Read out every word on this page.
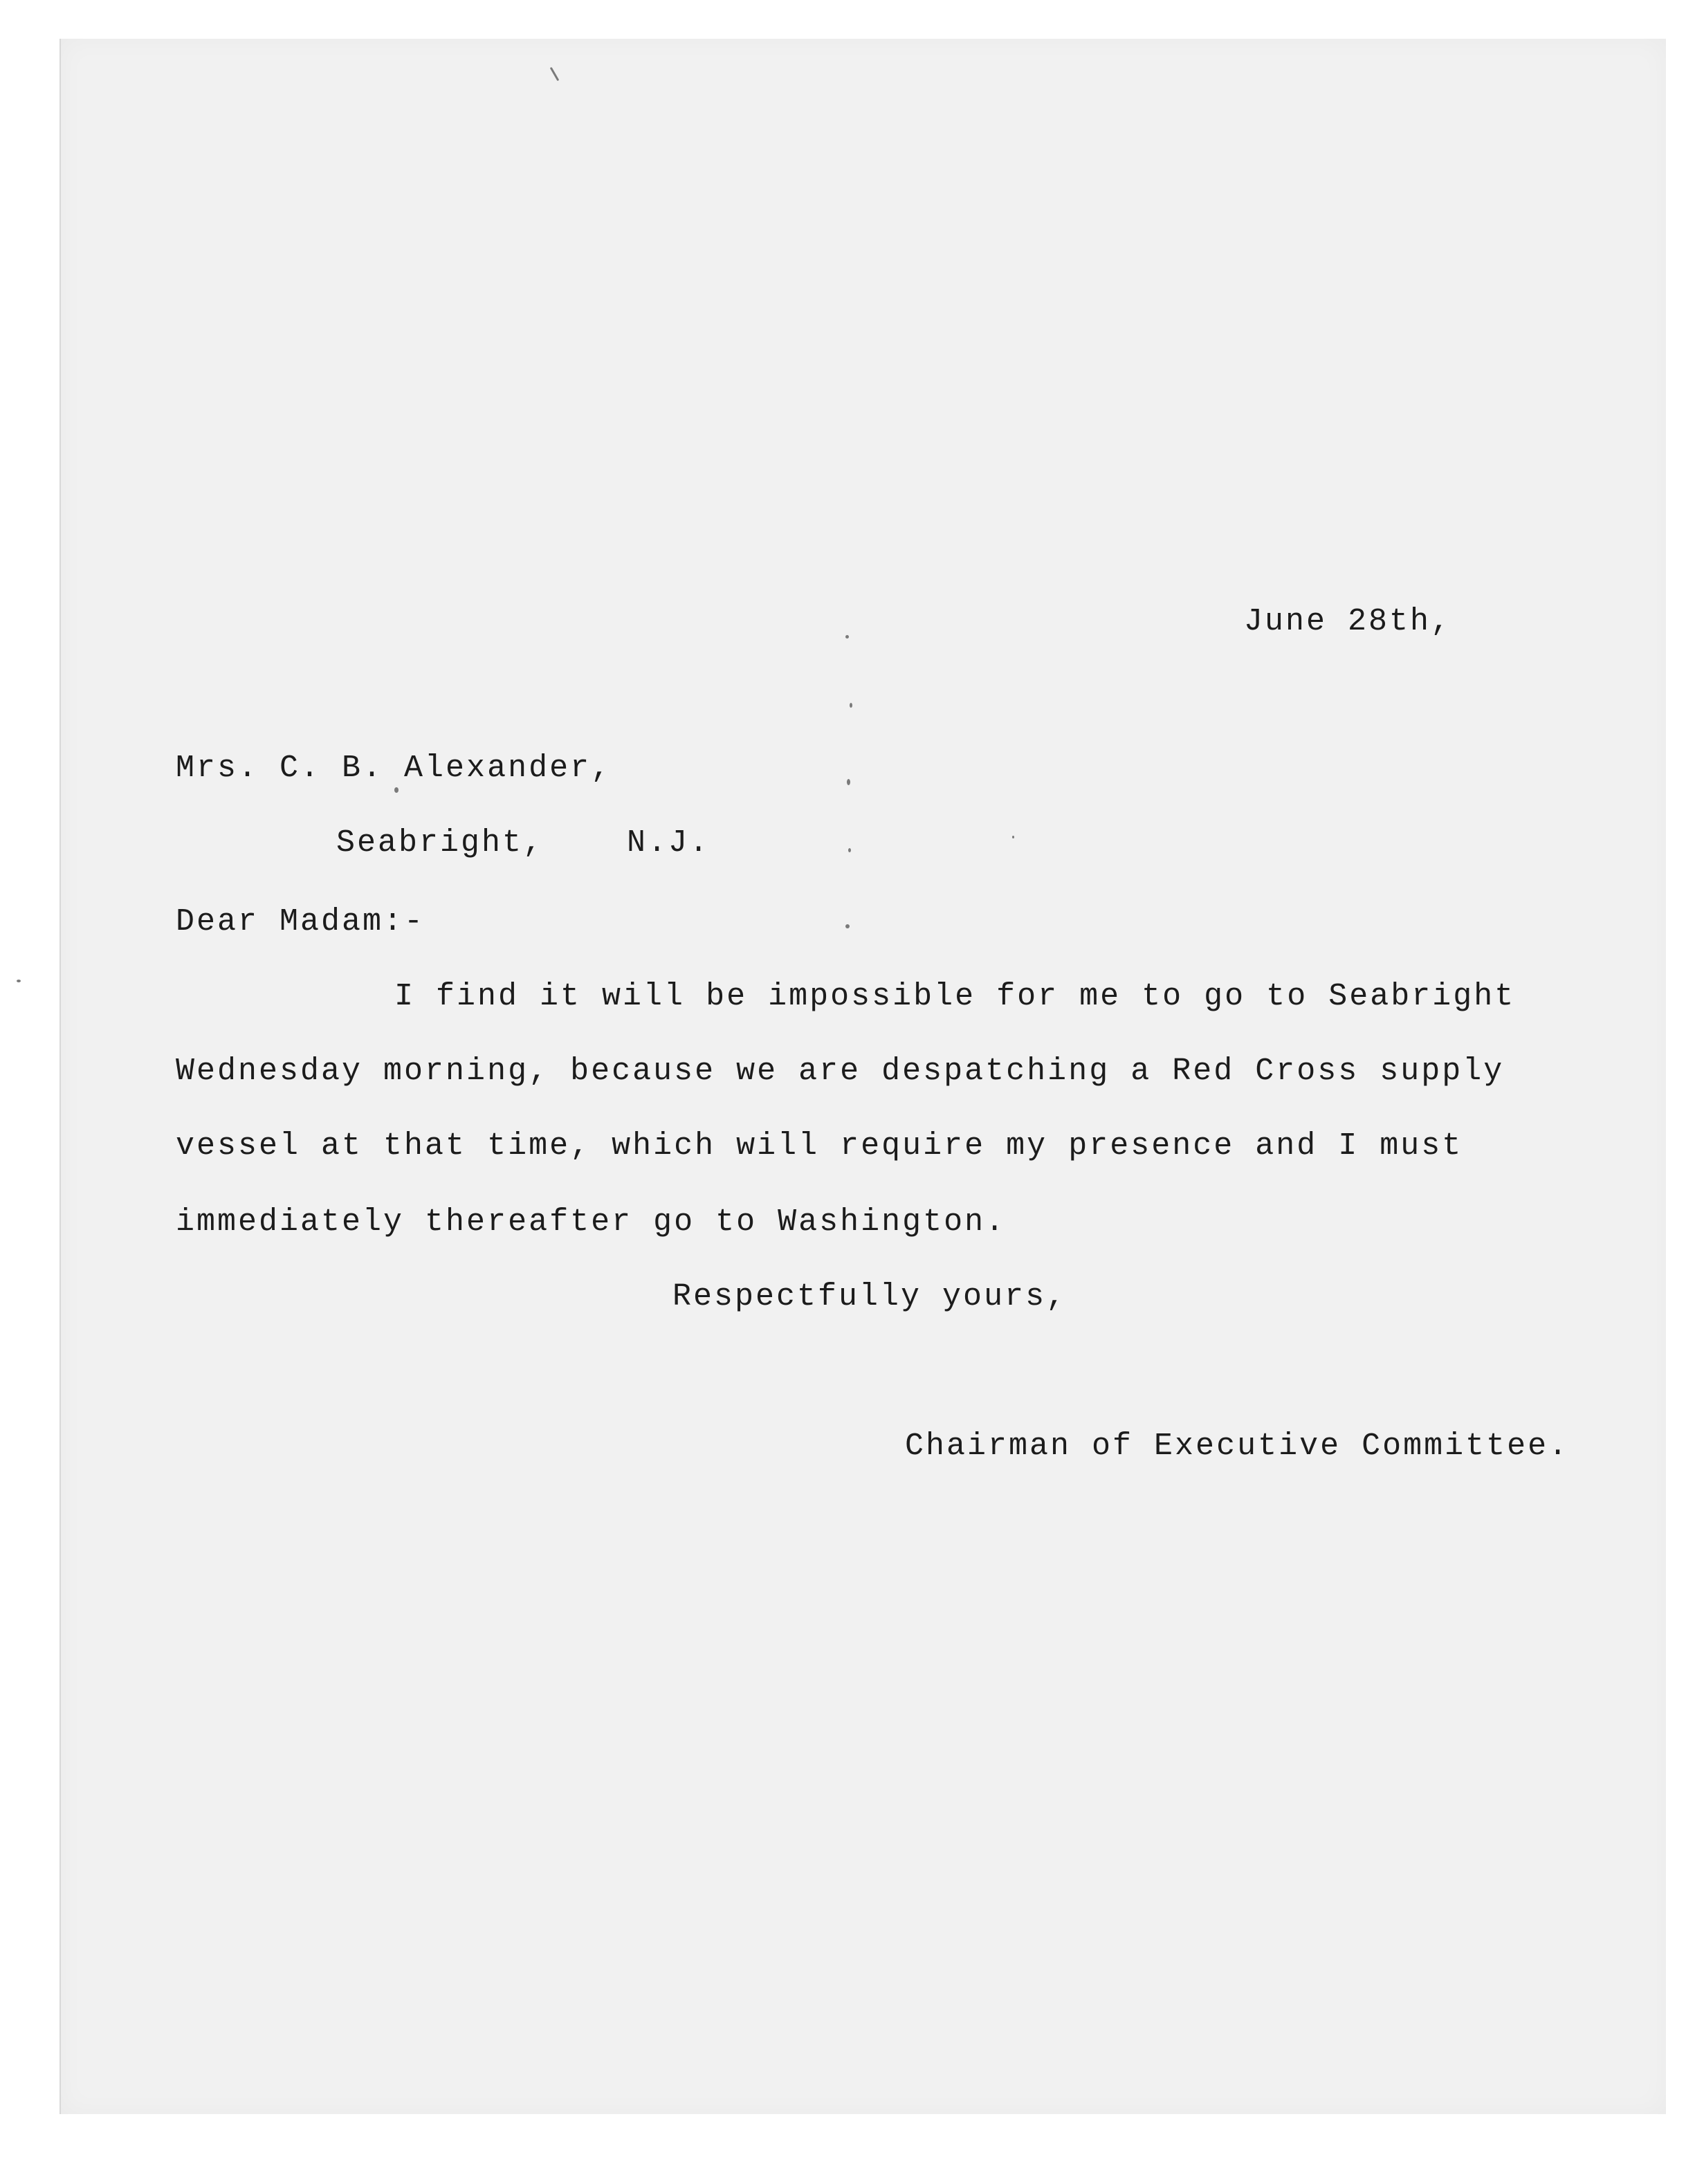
June 28th,

Mrs. C. B. Alexander,

Seabright,    N.J.

Dear Madam:-

I find it will be impossible for me to go to Seabright

Wednesday morning, because we are despatching a Red Cross supply

vessel at that time, which will require my presence and I must

immediately thereafter go to Washington.

Respectfully yours,

Chairman of Executive Committee.
